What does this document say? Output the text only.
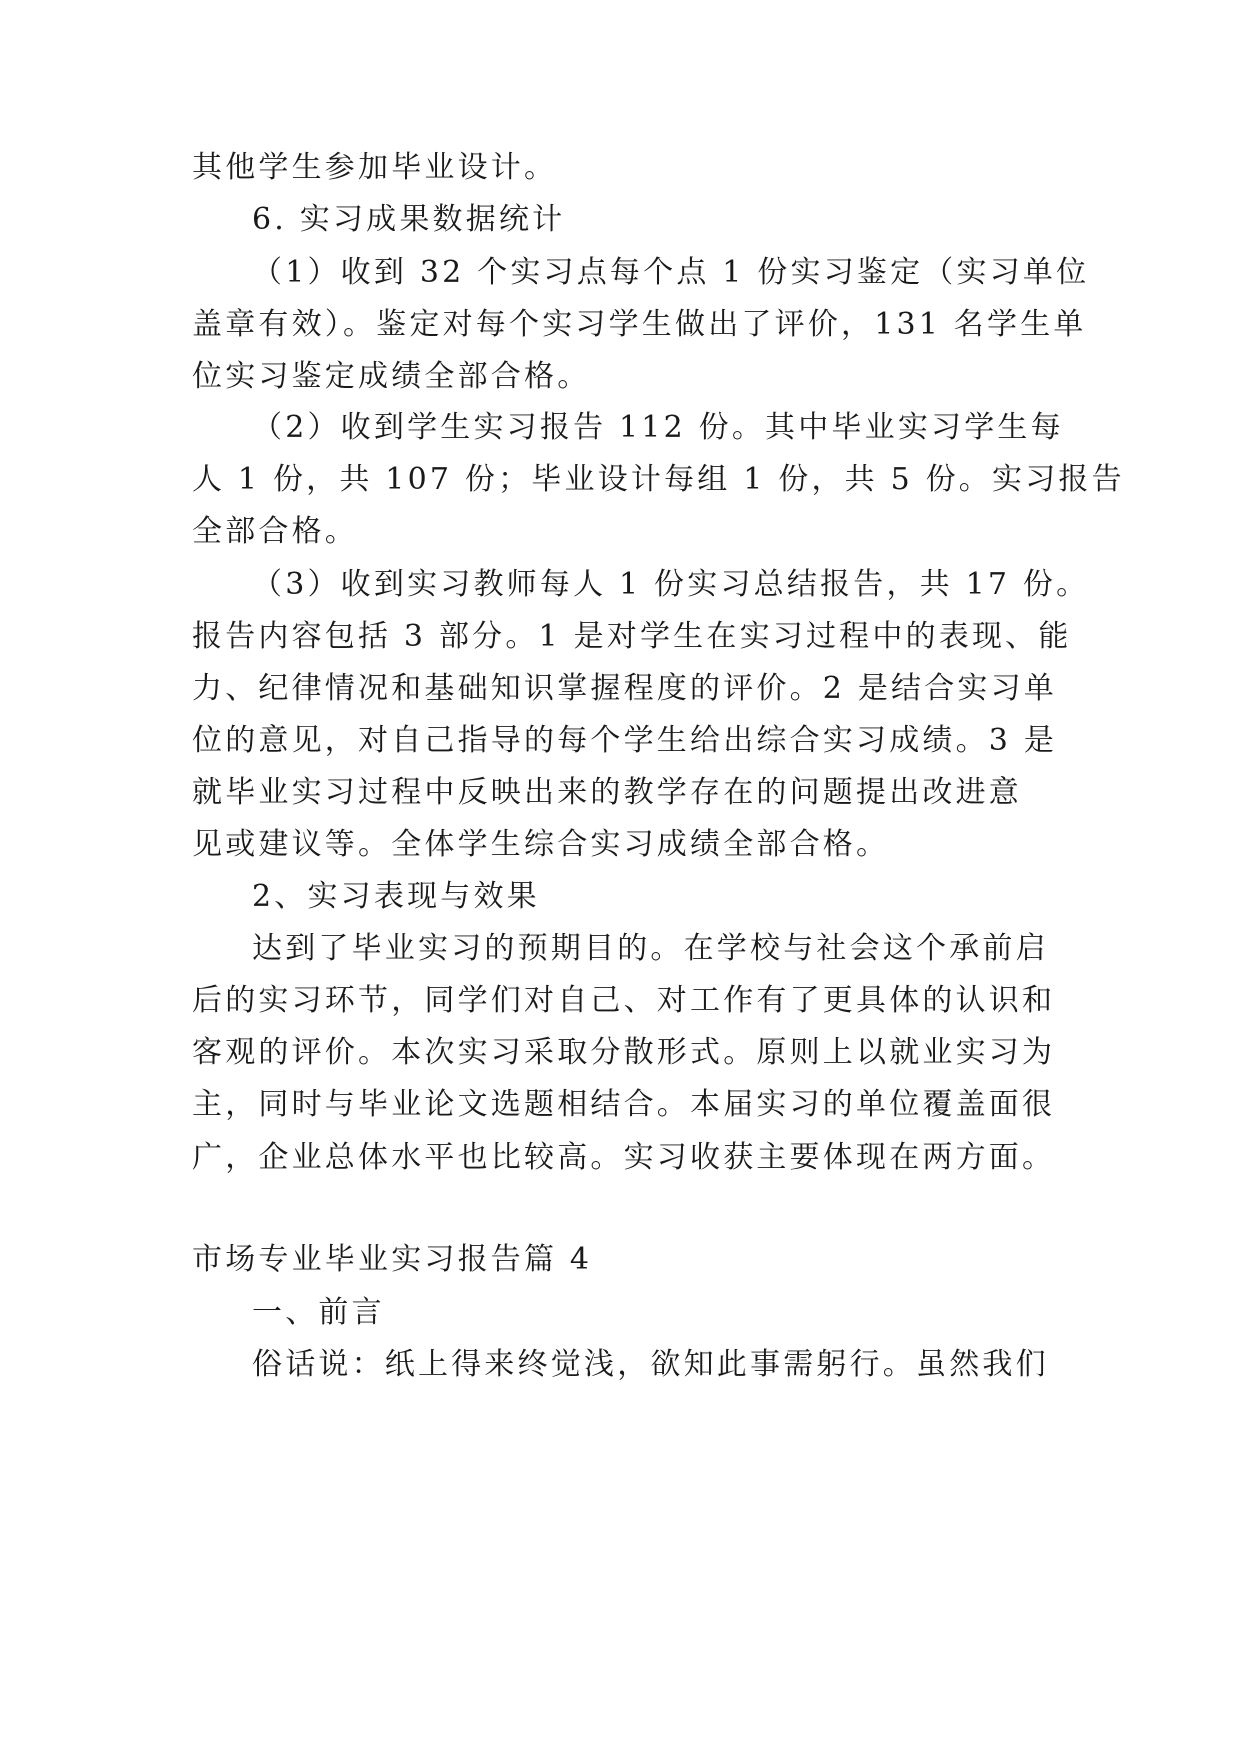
其他学生参加毕业设计。
6. 实习成果数据统计
（1）收到 32 个实习点每个点 1 份实习鉴定（实习单位
盖章有效）。鉴定对每个实习学生做出了评价，131 名学生单
位实习鉴定成绩全部合格。
（2）收到学生实习报告 112 份。其中毕业实习学生每
人 1 份，共 107 份；毕业设计每组 1 份，共 5 份。实习报告
全部合格。
（3）收到实习教师每人 1 份实习总结报告，共 17 份。
报告内容包括 3 部分。1 是对学生在实习过程中的表现、能
力、纪律情况和基础知识掌握程度的评价。2 是结合实习单
位的意见，对自己指导的每个学生给出综合实习成绩。3 是
就毕业实习过程中反映出来的教学存在的问题提出改进意
见或建议等。全体学生综合实习成绩全部合格。
2、实习表现与效果
达到了毕业实习的预期目的。在学校与社会这个承前启
后的实习环节，同学们对自己、对工作有了更具体的认识和
客观的评价。本次实习采取分散形式。原则上以就业实习为
主，同时与毕业论文选题相结合。本届实习的单位覆盖面很
广，企业总体水平也比较高。实习收获主要体现在两方面。
市场专业毕业实习报告篇 4
一、前言
俗话说：纸上得来终觉浅，欲知此事需躬行。虽然我们
